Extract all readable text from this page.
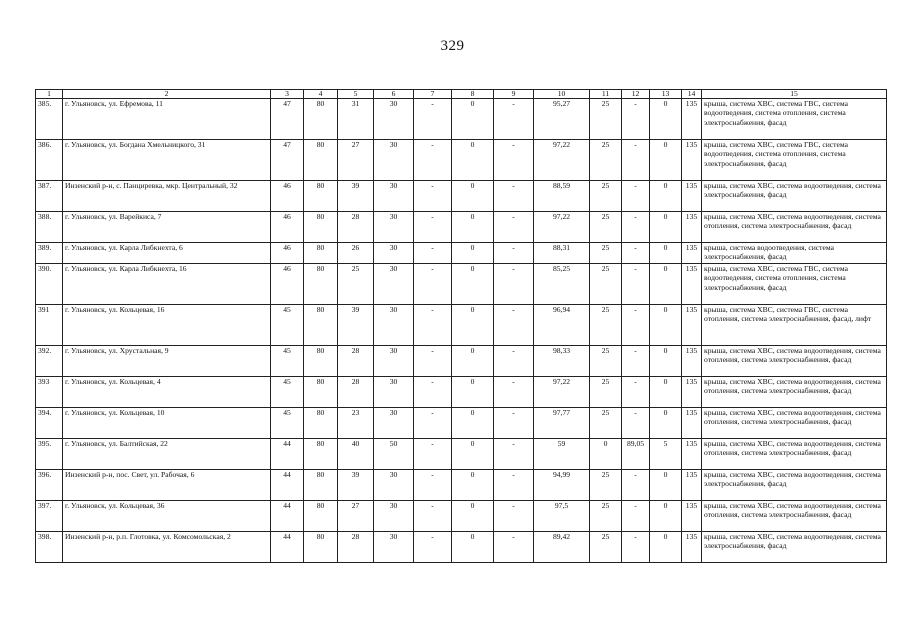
329
1	2	3	4	5	6	7	8	9	10	11	12	13	14	15
385.	г. Ульяновск, ул. Ефремова, 11	47	80	31	30	-	0	-	95,27	25	-	0	135	крыша, система ХВС, система ГВС, система водоотведения, система отопления, система электроснабжения, фасад
386.	г. Ульяновск, ул. Богдана Хмельницкого, 31	47	80	27	30	-	0	-	97,22	25	-	0	135	крыша, система ХВС, система ГВС, система водоотведения, система отопления, система электроснабжения, фасад
387.	Инзенский р-н, с. Панциревка, мкр. Центральный, 32	46	80	39	30	-	0	-	88,59	25	-	0	135	крыша, система ХВС, система водоотведения, система электроснабжения, фасад
388.	г. Ульяновск, ул. Варейкиса, 7	46	80	28	30	-	0	-	97,22	25	-	0	135	крыша, система ХВС, система водоотведения, система отопления, система электроснабжения, фасад
389.	г. Ульяновск, ул. Карла Либкнехта, 6	46	80	26	30	-	0	-	88,31	25	-	0	135	крыша, система водоотведения, система электроснабжения, фасад
390.	г. Ульяновск, ул. Карла Либкнехта, 16	46	80	25	30	-	0	-	85,25	25	-	0	135	крыша, система ХВС, система ГВС, система водоотведения, система отопления, система электроснабжения, фасад
391	г. Ульяновск, ул. Кольцевая, 16	45	80	39	30	-	0	-	96,94	25	-	0	135	крыша, система ХВС, система ГВС, система отопления, система электроснабжения, фасад, лифт
392.	г. Ульяновск, ул. Хрустальная, 9	45	80	28	30	-	0	-	98,33	25	-	0	135	крыша, система ХВС, система водоотведения, система отопления, система электроснабжения, фасад
393	г. Ульяновск, ул. Кольцевая, 4	45	80	28	30	-	0	-	97,22	25	-	0	135	крыша, система ХВС, система водоотведения, система отопления, система электроснабжения, фасад
394.	г. Ульяновск, ул. Кольцевая, 10	45	80	23	30	-	0	-	97,77	25	-	0	135	крыша, система ХВС, система водоотведения, система отопления, система электроснабжения, фасад
395.	г. Ульяновск, ул. Балтийская, 22	44	80	40	50	-	0	-	59	0	89,05	5	135	крыша, система ХВС, система водоотведения, система отопления, система электроснабжения, фасад
396.	Инзенский р-н, пос. Свет, ул. Рабочая, 6	44	80	39	30	-	0	-	94,99	25	-	0	135	крыша, система ХВС, система водоотведения, система электроснабжения, фасад
397.	г. Ульяновск, ул. Кольцевая, 36	44	80	27	30	-	0	-	97,5	25	-	0	135	крыша, система ХВС, система водоотведения, система отопления, система электроснабжения, фасад
398.	Инзенский р-н, р.п. Глотовка, ул. Комсомольская, 2	44	80	28	30	-	0	-	89,42	25	-	0	135	крыша, система ХВС, система водоотведения, система электроснабжения, фасад
